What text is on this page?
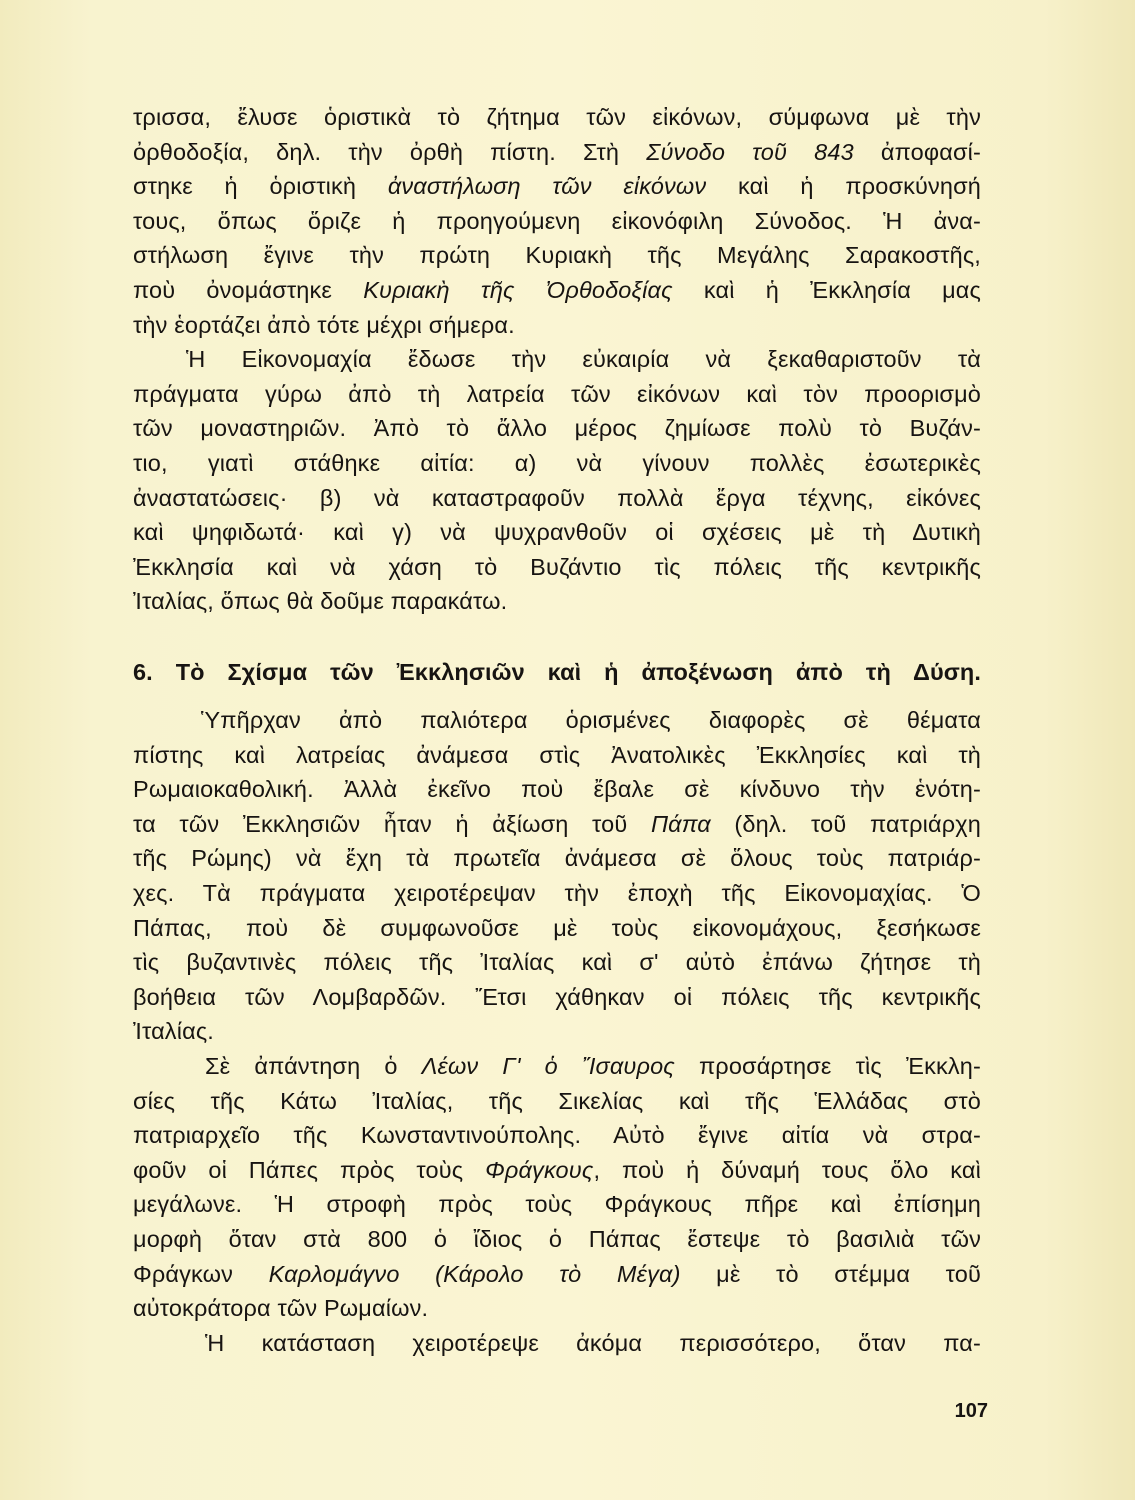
τρισσα, ἔλυσε ὁριστικὰ τὸ ζήτημα τῶν εἰκόνων, σύμφωνα μὲ τὴν
ὀρθοδοξία, δηλ. τὴν ὀρθὴ πίστη. Στὴ Σύνοδο τοῦ 843 ἀποφασί-
στηκε ἡ ὁριστικὴ ἀναστήλωση τῶν εἰκόνων καὶ ἡ προσκύνησή
τους, ὅπως ὅριζε ἡ προηγούμενη εἰκονόφιλη Σύνοδος. Ἡ ἀνα-
στήλωση ἔγινε τὴν πρώτη Κυριακὴ τῆς Μεγάλης Σαρακοστῆς,
ποὺ ὀνομάστηκε Κυριακὴ τῆς Ὀρθοδοξίας καὶ ἡ Ἐκκλησία μας
τὴν ἑορτάζει ἀπὸ τότε μέχρι σήμερα.
Ἡ Εἰκονομαχία ἔδωσε τὴν εὐκαιρία νὰ ξεκαθαριστοῦν τὰ
πράγματα γύρω ἀπὸ τὴ λατρεία τῶν εἰκόνων καὶ τὸν προορισμὸ
τῶν μοναστηριῶν. Ἀπὸ τὸ ἄλλο μέρος ζημίωσε πολὺ τὸ Βυζάν-
τιο, γιατὶ στάθηκε αἰτία: α) νὰ γίνουν πολλὲς ἐσωτερικὲς
ἀναστατώσεις· β) νὰ καταστραφοῦν πολλὰ ἔργα τέχνης, εἰκόνες
καὶ ψηφιδωτά· καὶ γ) νὰ ψυχρανθοῦν οἱ σχέσεις μὲ τὴ Δυτικὴ
Ἐκκλησία καὶ νὰ χάση τὸ Βυζάντιο τὶς πόλεις τῆς κεντρικῆς
Ἰταλίας, ὅπως θὰ δοῦμε παρακάτω.
6. Τὸ Σχίσμα τῶν Ἐκκλησιῶν καὶ ἡ ἀποξένωση ἀπὸ τὴ Δύση.
Ὑπῆρχαν ἀπὸ παλιότερα ὁρισμένες διαφορὲς σὲ θέματα
πίστης καὶ λατρείας ἀνάμεσα στὶς Ἀνατολικὲς Ἐκκλησίες καὶ τὴ
Ρωμαιοκαθολική. Ἀλλὰ ἐκεῖνο ποὺ ἔβαλε σὲ κίνδυνο τὴν ἑνότη-
τα τῶν Ἐκκλησιῶν ἦταν ἡ ἀξίωση τοῦ Πάπα (δηλ. τοῦ πατριάρχη
τῆς Ρώμης) νὰ ἔχη τὰ πρωτεῖα ἀνάμεσα σὲ ὅλους τοὺς πατριάρ-
χες. Τὰ πράγματα χειροτέρεψαν τὴν ἐποχὴ τῆς Εἰκονομαχίας. Ὁ
Πάπας, ποὺ δὲ συμφωνοῦσε μὲ τοὺς εἰκονομάχους, ξεσήκωσε
τὶς βυζαντινὲς πόλεις τῆς Ἰταλίας καὶ σ' αὐτὸ ἐπάνω ζήτησε τὴ
βοήθεια τῶν Λομβαρδῶν. Ἔτσι χάθηκαν οἱ πόλεις τῆς κεντρικῆς
Ἰταλίας.
Σὲ ἀπάντηση ὁ Λέων Γ' ὁ Ἴσαυρος προσάρτησε τὶς Ἐκκλη-
σίες τῆς Κάτω Ἰταλίας, τῆς Σικελίας καὶ τῆς Ἑλλάδας στὸ
πατριαρχεῖο τῆς Κωνσταντινούπολης. Αὐτὸ ἔγινε αἰτία νὰ στρα-
φοῦν οἱ Πάπες πρὸς τοὺς Φράγκους, ποὺ ἡ δύναμή τους ὅλο καὶ
μεγάλωνε. Ἡ στροφὴ πρὸς τοὺς Φράγκους πῆρε καὶ ἐπίσημη
μορφὴ ὅταν στὰ 800 ὁ ἴδιος ὁ Πάπας ἔστεψε τὸ βασιλιὰ τῶν
Φράγκων Καρλομάγνο (Κάρολο τὸ Μέγα) μὲ τὸ στέμμα τοῦ
αὐτοκράτορα τῶν Ρωμαίων.
Ἡ κατάσταση χειροτέρεψε ἀκόμα περισσότερο, ὅταν πα-
107
